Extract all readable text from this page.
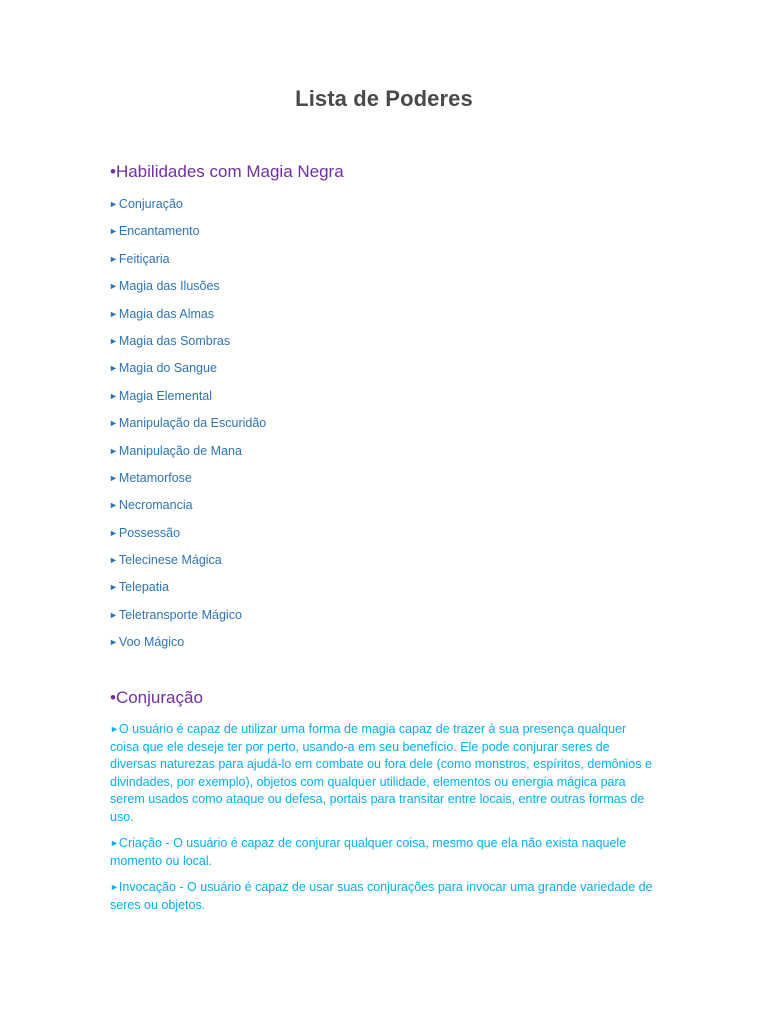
Lista de Poderes
•Habilidades com Magia Negra
►Conjuração
►Encantamento
►Feitiçaria
►Magia das Ilusões
►Magia das Almas
►Magia das Sombras
►Magia do Sangue
►Magia Elemental
►Manipulação da Escuridão
►Manipulação de Mana
►Metamorfose
►Necromancia
►Possessão
►Telecinese Mágica
►Telepatia
►Teletransporte Mágico
►Voo Mágico
•Conjuração

►O usuário é capaz de utilizar uma forma de magia capaz de trazer à sua presença qualquer coisa que ele deseje ter por perto, usando-a em seu benefício. Ele pode conjurar seres de diversas naturezas para ajudá-lo em combate ou fora dele (como monstros, espíritos, demônios e divindades, por exemplo), objetos com qualquer utilidade, elementos ou energia mágica para serem usados como ataque ou defesa, portais para transitar entre locais, entre outras formas de uso.

►Criação - O usuário é capaz de conjurar qualquer coisa, mesmo que ela não exista naquele momento ou local.

►Invocação - O usuário é capaz de usar suas conjurações para invocar uma grande variedade de seres ou objetos.
